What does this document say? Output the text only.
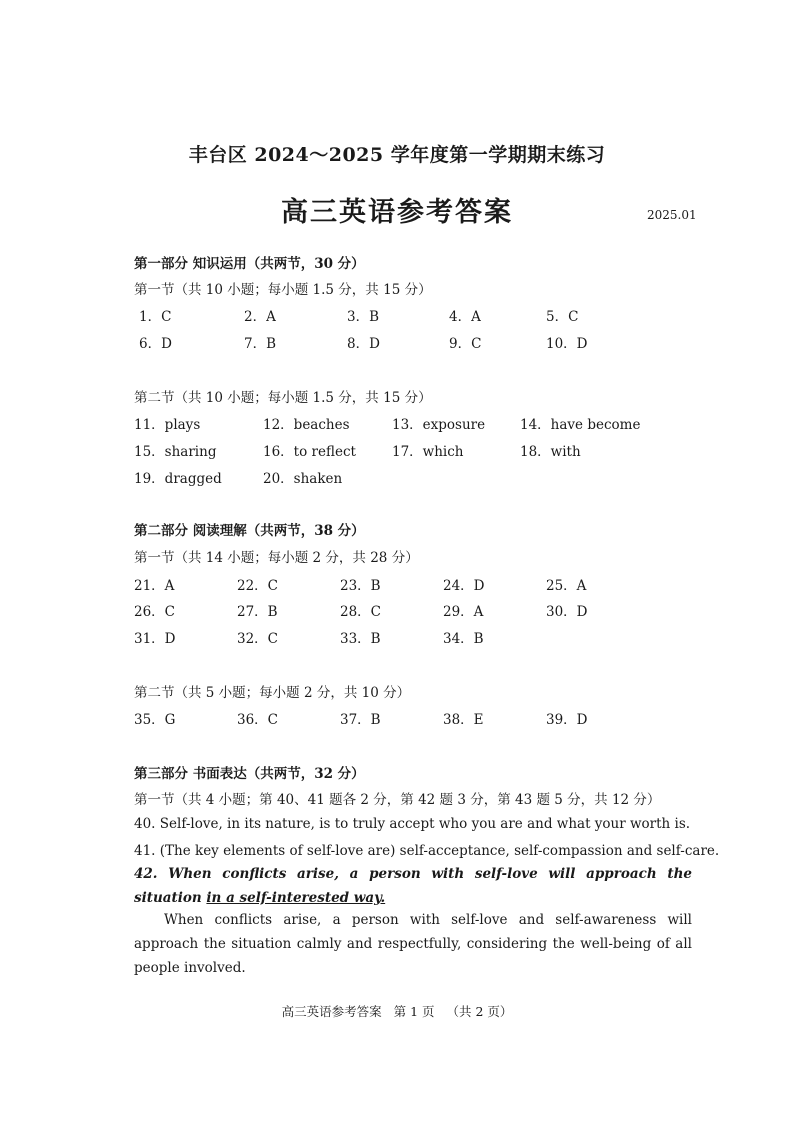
丰台区 2024～2025 学年度第一学期期末练习
高三英语参考答案	2025.01
第一部分 知识运用（共两节，30 分）
第一节（共 10 小题；每小题 1.5 分，共 15 分）
1．C	2．A	3．B	4．A	5．C
6．D	7．B	8．D	9．C	10．D
第二节（共 10 小题；每小题 1.5 分，共 15 分）
11．plays	12．beaches	13．exposure	14．have become
15．sharing	16．to reflect	17．which	18．with
19．dragged	20．shaken
第二部分 阅读理解（共两节，38 分）
第一节（共 14 小题；每小题 2 分，共 28 分）
21．A	22．C	23．B	24．D	25．A
26．C	27．B	28．C	29．A	30．D
31．D	32．C	33．B	34．B
第二节（共 5 小题；每小题 2 分，共 10 分）
35．G	36．C	37．B	38．E	39．D
第三部分 书面表达（共两节，32 分）
第一节（共 4 小题；第 40、41 题各 2 分，第 42 题 3 分，第 43 题 5 分，共 12 分）
40. Self-love, in its nature, is to truly accept who you are and what your worth is.
41. (The key elements of self-love are) self-acceptance, self-compassion and self-care.
42. When conflicts arise, a person with self-love will approach the situation in a self-interested way.
When conflicts arise, a person with self-love and self-awareness will approach the situation calmly and respectfully, considering the well-being of all people involved.
高三英语参考答案 第 1 页 （共 2 页）
